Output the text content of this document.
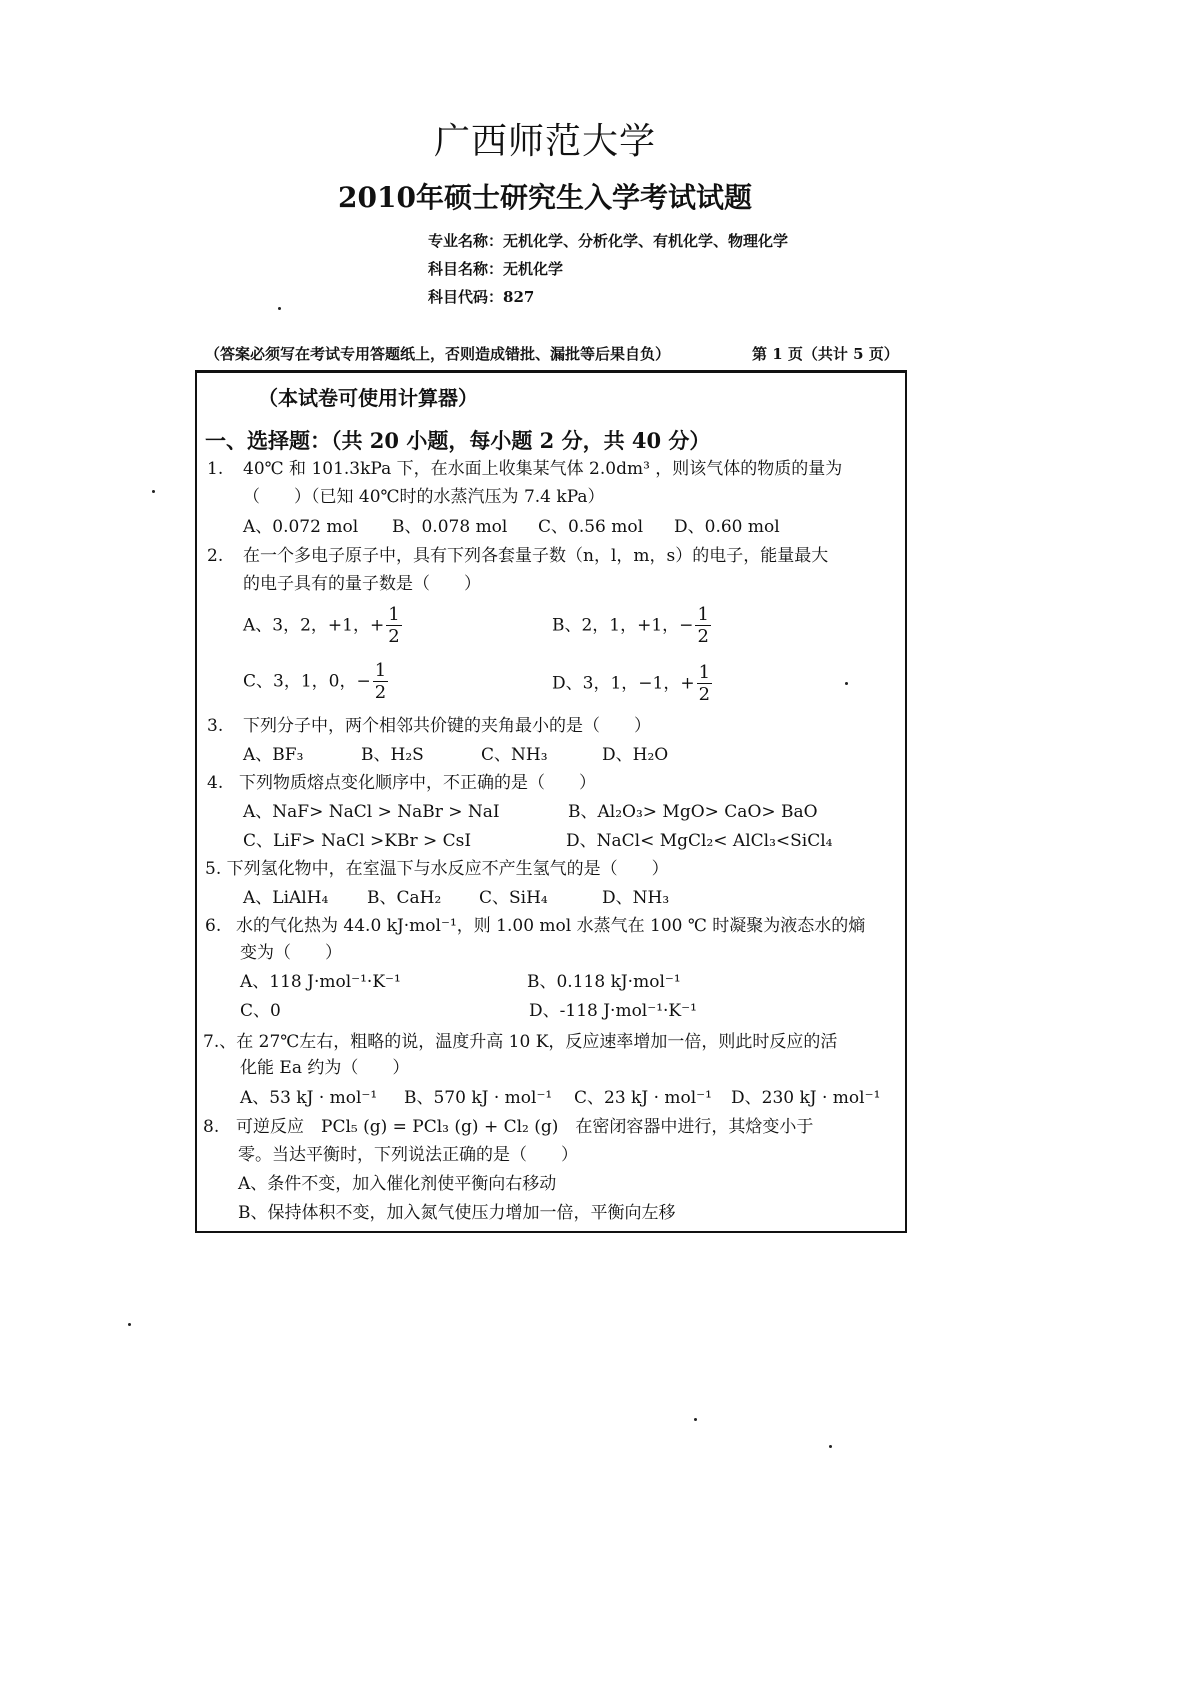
广西师范大学
2010年硕士研究生入学考试试题
专业名称：无机化学、分析化学、有机化学、物理化学
科目名称：无机化学
科目代码：827
（答案必须写在考试专用答题纸上，否则造成错批、漏批等后果自负）	第 1 页（共计 5 页）
（本试卷可使用计算器）
一、选择题：（共 20 小题，每小题 2 分，共 40 分）
1. 40℃ 和 101.3kPa 下，在水面上收集某气体 2.0dm³ ，则该气体的物质的量为
（　　）（已知 40℃时的水蒸汽压为 7.4 kPa）
A、0.072 mol B、0.078 mol C、0.56 mol D、0.60 mol
2. 在一个多电子原子中，具有下列各套量子数（n，l，m，s）的电子，能量最大
的电子具有的量子数是（　　）
A、3，2，+1，+ $\frac{1}{2}$	B、2，1，+1，− $\frac{1}{2}$
C、3，1，0，− $\frac{1}{2}$	D、3，1，−1，+ $\frac{1}{2}$
3. 下列分子中，两个相邻共价键的夹角最小的是（　　）
A、BF₃	B、H₂S	C、NH₃	D、H₂O
4. 下列物质熔点变化顺序中，不正确的是（　　）
A、NaF> NaCl > NaBr > NaI	B、Al₂O₃> MgO> CaO> BaO
C、LiF> NaCl >KBr > CsI	D、NaCl< MgCl₂< AlCl₃<SiCl₄
5. 下列氢化物中，在室温下与水反应不产生氢气的是（　　）
A、LiAlH₄ B、CaH₂ C、SiH₄	D、NH₃
6. 水的气化热为 44.0 kJ·mol⁻¹，则 1.00 mol 水蒸气在 100 ℃ 时凝聚为液态水的熵
变为（　　）
A、118 J·mol⁻¹·K⁻¹	B、0.118 kJ·mol⁻¹
C、0	D、-118 J·mol⁻¹·K⁻¹
7.、在 27℃左右，粗略的说，温度升高 10 K，反应速率增加一倍，则此时反应的活
化能 Ea 约为（　　）
A、53 kJ · mol⁻¹ B、570 kJ · mol⁻¹ C、23 kJ · mol⁻¹ D、230 kJ · mol⁻¹
8. 可逆反应　PCl₅ (g) = PCl₃ (g) + Cl₂ (g)　在密闭容器中进行，其焓变小于
零。当达平衡时，下列说法正确的是（　　）
A、条件不变，加入催化剂使平衡向右移动
B、保持体积不变，加入氮气使压力增加一倍，平衡向左移
